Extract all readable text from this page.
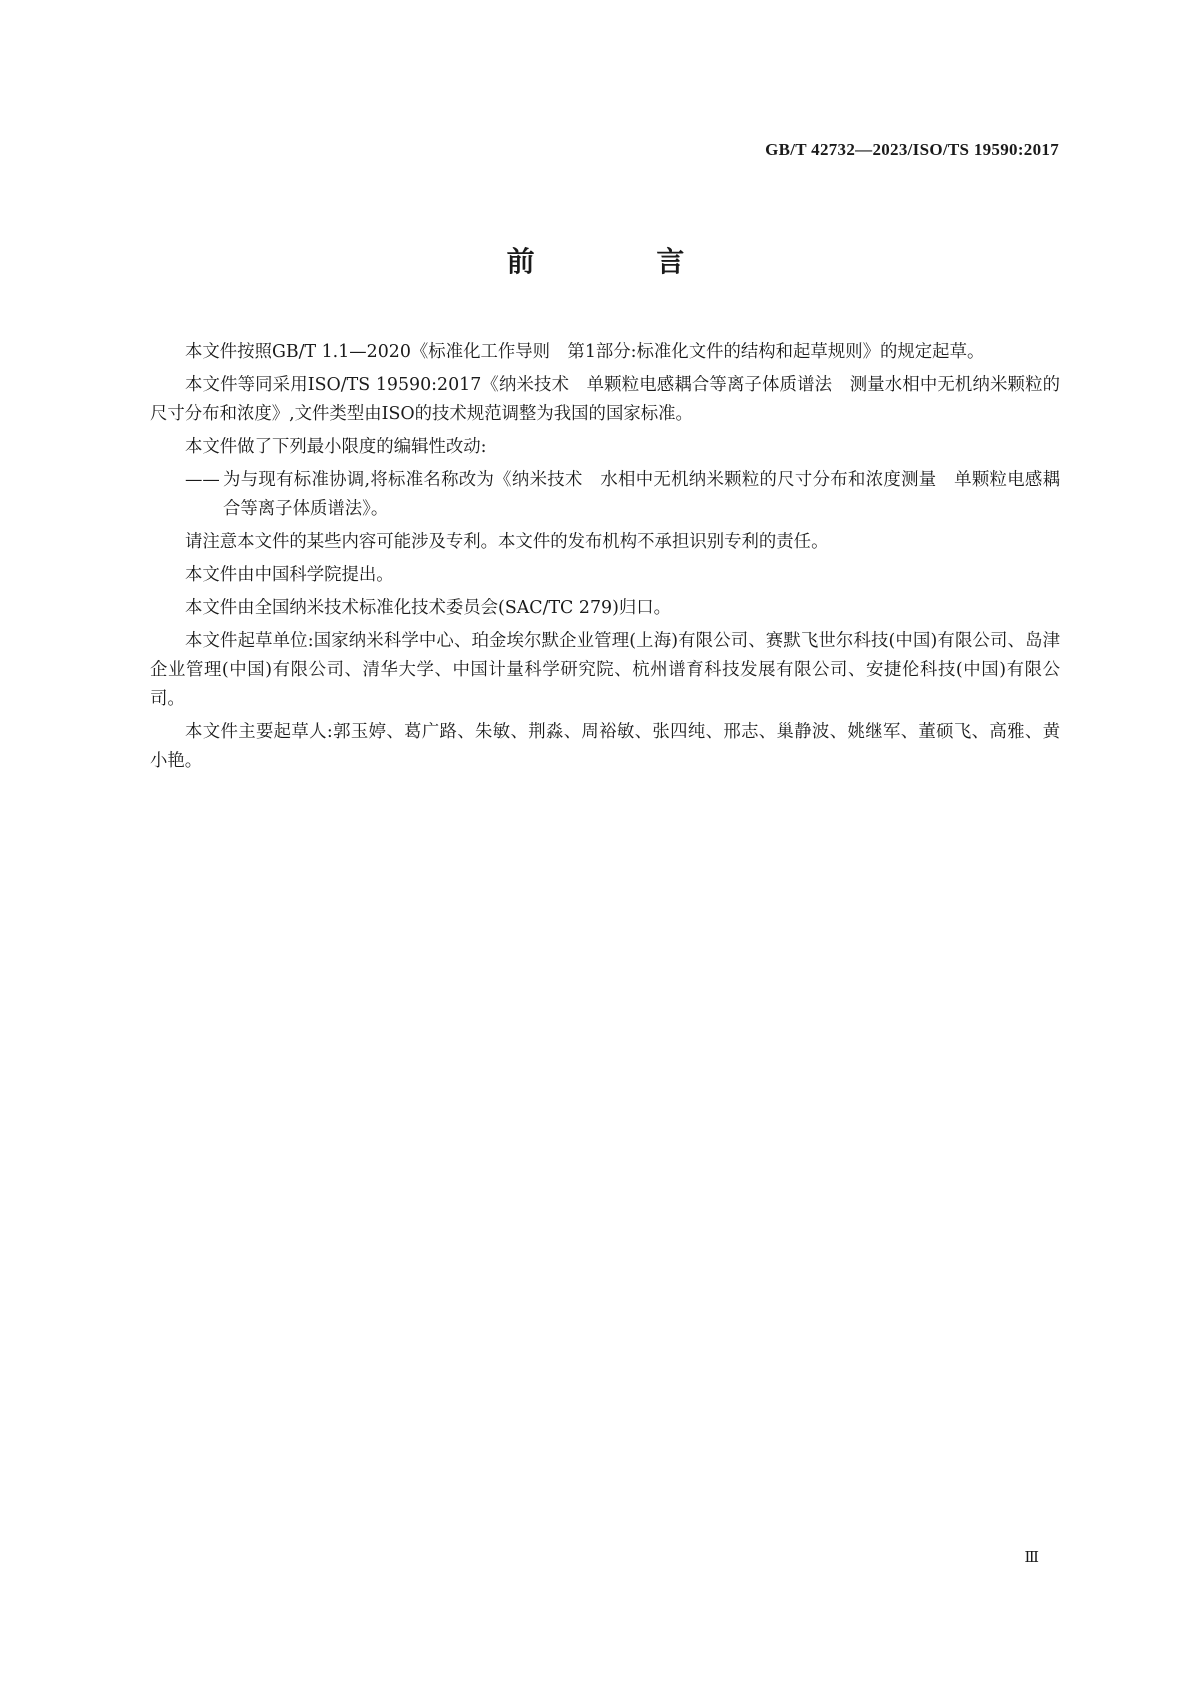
GB/T 42732—2023/ISO/TS 19590:2017
前 言

本文件按照GB/T 1.1—2020《标准化工作导则　第1部分:标准化文件的结构和起草规则》的规定起草。

本文件等同采用ISO/TS 19590:2017《纳米技术　单颗粒电感耦合等离子体质谱法　测量水相中无机纳米颗粒的尺寸分布和浓度》,文件类型由ISO的技术规范调整为我国的国家标准。

本文件做了下列最小限度的编辑性改动:

—— 为与现有标准协调,将标准名称改为《纳米技术　水相中无机纳米颗粒的尺寸分布和浓度测量　单颗粒电感耦合等离子体质谱法》。

请注意本文件的某些内容可能涉及专利。本文件的发布机构不承担识别专利的责任。

本文件由中国科学院提出。

本文件由全国纳米技术标准化技术委员会(SAC/TC 279)归口。

本文件起草单位:国家纳米科学中心、珀金埃尔默企业管理(上海)有限公司、赛默飞世尔科技(中国)有限公司、岛津企业管理(中国)有限公司、清华大学、中国计量科学研究院、杭州谱育科技发展有限公司、安捷伦科技(中国)有限公司。

本文件主要起草人:郭玉婷、葛广路、朱敏、荆淼、周裕敏、张四纯、邢志、巢静波、姚继军、董硕飞、高雅、黄小艳。

Ⅲ
